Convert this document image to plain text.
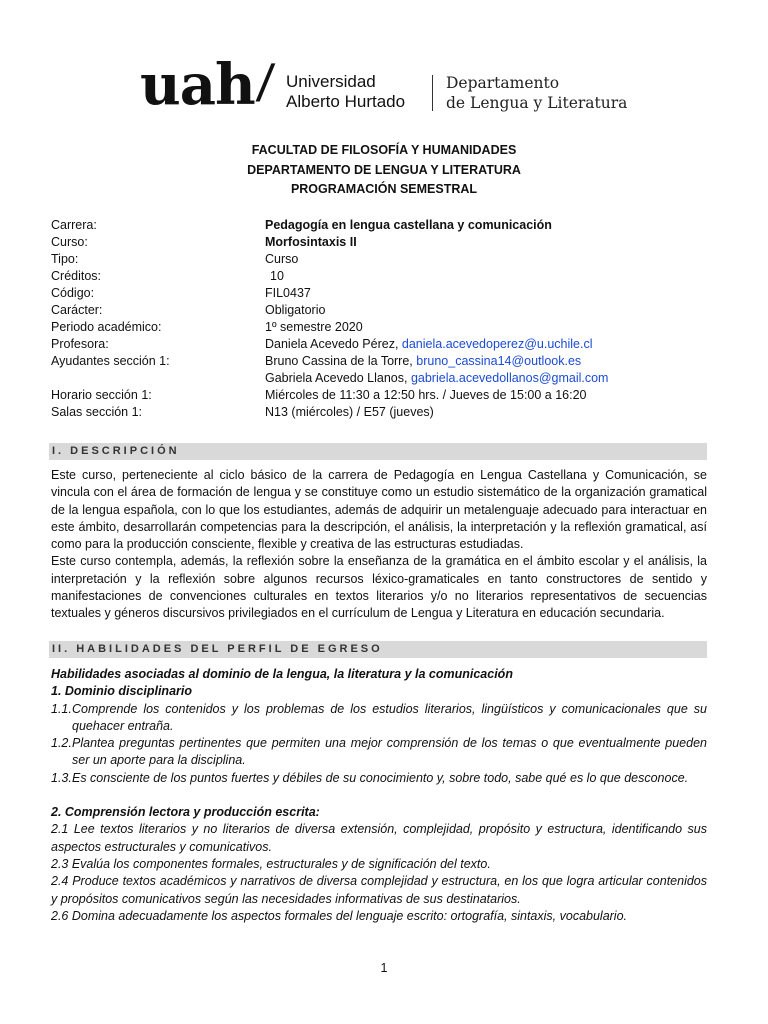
uah / Universidad
Alberto Hurtado
Departamento
de Lengua y Literatura
FACULTAD DE FILOSOFÍA Y HUMANIDADES
DEPARTAMENTO DE LENGUA Y LITERATURA
PROGRAMACIÓN SEMESTRAL
Carrera:	Pedagogía en lengua castellana y comunicación
Curso:	Morfosintaxis II
Tipo:	Curso
Créditos:	10
Código:	FIL0437
Carácter:	Obligatorio
Periodo académico:	1º semestre 2020
Profesora:	Daniela Acevedo Pérez, daniela.acevedoperez@u.uchile.cl
Ayudantes sección 1:	Bruno Cassina de la Torre, bruno_cassina14@outlook.es
Gabriela Acevedo Llanos, gabriela.acevedollanos@gmail.com
Horario sección 1:	Miércoles de 11:30 a 12:50 hrs. / Jueves de 15:00 a 16:20
Salas sección 1:	N13 (miércoles) / E57 (jueves)
I. DESCRIPCIÓN

Este curso, perteneciente al ciclo básico de la carrera de Pedagogía en Lengua Castellana y Comunicación, se vincula con el área de formación de lengua y se constituye como un estudio sistemático de la organización gramatical de la lengua española, con lo que los estudiantes, además de adquirir un metalenguaje adecuado para interactuar en este ámbito, desarrollarán competencias para la descripción, el análisis, la interpretación y la reflexión gramatical, así como para la producción consciente, flexible y creativa de las estructuras estudiadas.

Este curso contempla, además, la reflexión sobre la enseñanza de la gramática en el ámbito escolar y el análisis, la interpretación y la reflexión sobre algunos recursos léxico-gramaticales en tanto constructores de sentido y manifestaciones de convenciones culturales en textos literarios y/o no literarios representativos de secuencias textuales y géneros discursivos privilegiados en el currículum de Lengua y Literatura en educación secundaria.

II. HABILIDADES DEL PERFIL DE EGRESO

Habilidades asociadas al dominio de la lengua, la literatura y la comunicación

1. Dominio disciplinario

1.1. Comprende los contenidos y los problemas de los estudios literarios, lingüísticos y comunicacionales que su quehacer entraña.

1.2. Plantea preguntas pertinentes que permiten una mejor comprensión de los temas o que eventualmente pueden ser un aporte para la disciplina.

1.3. Es consciente de los puntos fuertes y débiles de su conocimiento y, sobre todo, sabe qué es lo que desconoce.

2. Comprensión lectora y producción escrita:

2.1 Lee textos literarios y no literarios de diversa extensión, complejidad, propósito y estructura, identificando sus aspectos estructurales y comunicativos.

2.3 Evalúa los componentes formales, estructurales y de significación del texto.

2.4 Produce textos académicos y narrativos de diversa complejidad y estructura, en los que logra articular contenidos y propósitos comunicativos según las necesidades informativas de sus destinatarios.

2.6 Domina adecuadamente los aspectos formales del lenguaje escrito: ortografía, sintaxis, vocabulario.

1
